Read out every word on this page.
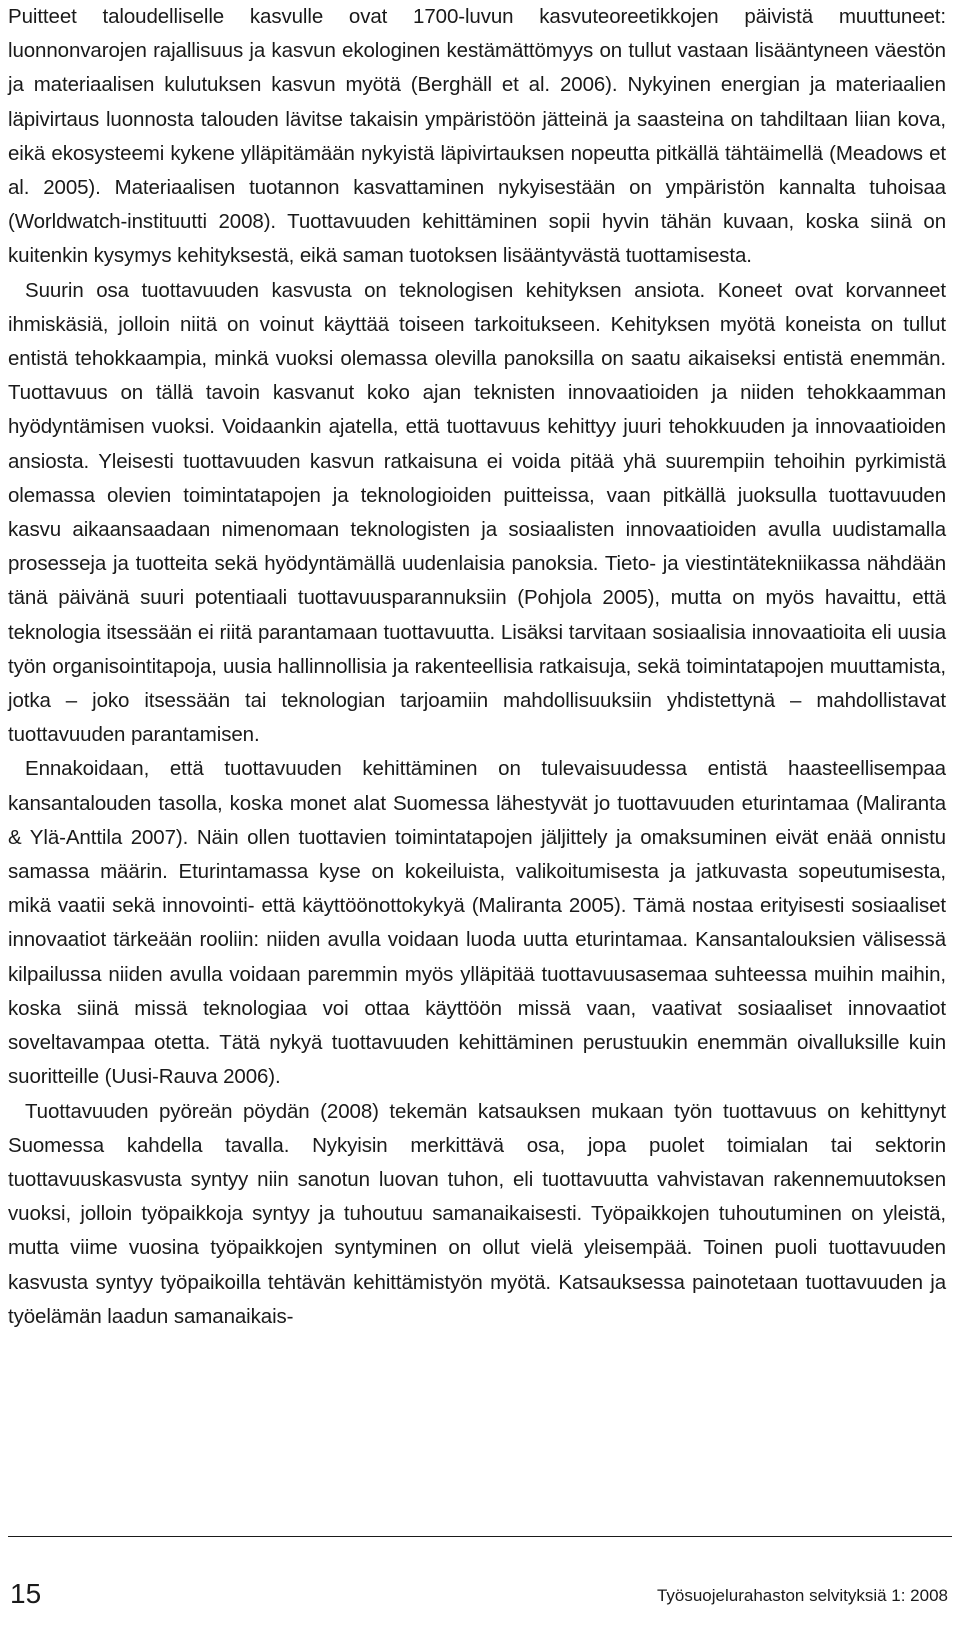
Puitteet taloudelliselle kasvulle ovat 1700-luvun kasvuteoreetikkojen päivistä muuttuneet: luonnonvarojen rajallisuus ja kasvun ekologinen kestämättömyys on tullut vastaan lisääntyneen väestön ja materiaalisen kulutuksen kasvun myötä (Berghäll et al. 2006). Nykyinen energian ja materiaalien läpivirtaus luonnosta talouden lävitse takaisin ympäristöön jätteinä ja saasteina on tahdiltaan liian kova, eikä ekosysteemi kykene ylläpitämään nykyistä läpivirtauksen nopeutta pitkällä tähtäimellä (Meadows et al. 2005). Materiaalisen tuotannon kasvattaminen nykyisestään on ympäristön kannalta tuhoisaa (Worldwatch-instituutti 2008). Tuottavuuden kehittäminen sopii hyvin tähän kuvaan, koska siinä on kuitenkin kysymys kehityksestä, eikä saman tuotoksen lisääntyvästä tuottamisesta.

Suurin osa tuottavuuden kasvusta on teknologisen kehityksen ansiota. Koneet ovat korvanneet ihmiskäsiä, jolloin niitä on voinut käyttää toiseen tarkoitukseen. Kehityksen myötä koneista on tullut entistä tehokkaampia, minkä vuoksi olemassa olevilla panoksilla on saatu aikaiseksi entistä enemmän. Tuottavuus on tällä tavoin kasvanut koko ajan teknisten innovaatioiden ja niiden tehokkaamman hyödyntämisen vuoksi. Voidaankin ajatella, että tuottavuus kehittyy juuri tehokkuuden ja innovaatioiden ansiosta. Yleisesti tuottavuuden kasvun ratkaisuna ei voida pitää yhä suurempiin tehoihin pyrkimistä olemassa olevien toimintatapojen ja teknologioiden puitteissa, vaan pitkällä juoksulla tuottavuuden kasvu aikaansaadaan nimenomaan teknologisten ja sosiaalisten innovaatioiden avulla uudistamalla prosesseja ja tuotteita sekä hyödyntämällä uudenlaisia panoksia. Tieto- ja viestintätekniikassa nähdään tänä päivänä suuri potentiaali tuottavuusparannuksiin (Pohjola 2005), mutta on myös havaittu, että teknologia itsessään ei riitä parantamaan tuottavuutta. Lisäksi tarvitaan sosiaalisia innovaatioita eli uusia työn organisointitapoja, uusia hallinnollisia ja rakenteellisia ratkaisuja, sekä toimintatapojen muuttamista, jotka – joko itsessään tai teknologian tarjoamiin mahdollisuuksiin yhdistettynä – mahdollistavat tuottavuuden parantamisen.

Ennakoidaan, että tuottavuuden kehittäminen on tulevaisuudessa entistä haasteellisempaa kansantalouden tasolla, koska monet alat Suomessa lähestyvät jo tuottavuuden eturintamaa (Maliranta & Ylä-Anttila 2007). Näin ollen tuottavien toimintatapojen jäljittely ja omaksuminen eivät enää onnistu samassa määrin. Eturintamassa kyse on kokeiluista, valikoitumisesta ja jatkuvasta sopeutumisesta, mikä vaatii sekä innovointi- että käyttöönottokykyä (Maliranta 2005). Tämä nostaa erityisesti sosiaaliset innovaatiot tärkeään rooliin: niiden avulla voidaan luoda uutta eturintamaa. Kansantalouksien välisessä kilpailussa niiden avulla voidaan paremmin myös ylläpitää tuottavuusasemaa suhteessa muihin maihin, koska siinä missä teknologiaa voi ottaa käyttöön missä vaan, vaativat sosiaaliset innovaatiot soveltavampaa otetta. Tätä nykyä tuottavuuden kehittäminen perustuukin enemmän oivalluksille kuin suoritteille (Uusi-Rauva 2006).

Tuottavuuden pyöreän pöydän (2008) tekemän katsauksen mukaan työn tuottavuus on kehittynyt Suomessa kahdella tavalla. Nykyisin merkittävä osa, jopa puolet toimialan tai sektorin tuottavuuskasvusta syntyy niin sanotun luovan tuhon, eli tuottavuutta vahvistavan rakennemuutoksen vuoksi, jolloin työpaikkoja syntyy ja tuhoutuu samanaikaisesti. Työpaikkojen tuhoutuminen on yleistä, mutta viime vuosina työpaikkojen syntyminen on ollut vielä yleisempää. Toinen puoli tuottavuuden kasvusta syntyy työpaikoilla tehtävän kehittämistyön myötä. Katsauksessa painotetaan tuottavuuden ja työelämän laadun samanaikais-

15	Työsuojelurahaston selvityksiä 1: 2008
